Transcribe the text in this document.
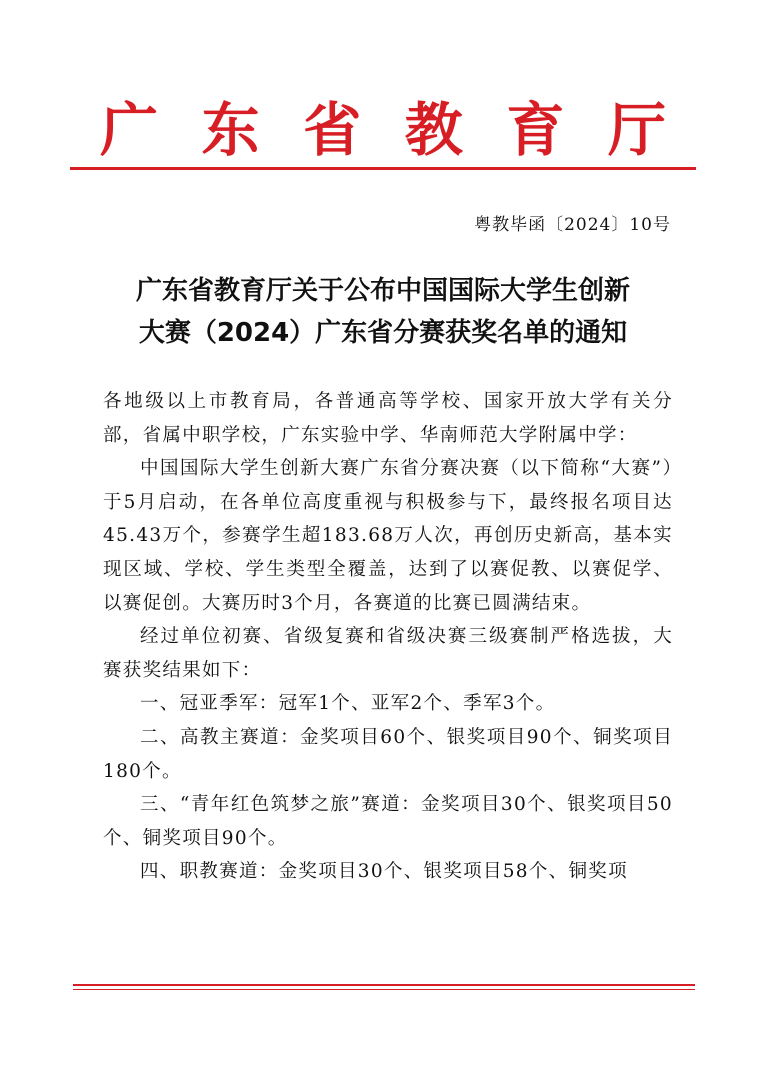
广 东 省 教 育 厅
粤教毕函〔2024〕10号
广东省教育厅关于公布中国国际大学生创新
大赛（2024）广东省分赛获奖名单的通知

各地级以上市教育局，各普通高等学校、国家开放大学有关分部，省属中职学校，广东实验中学、华南师范大学附属中学：

中国国际大学生创新大赛广东省分赛决赛（以下简称“大赛”）于5月启动，在各单位高度重视与积极参与下，最终报名项目达45.43万个，参赛学生超183.68万人次，再创历史新高，基本实现区域、学校、学生类型全覆盖，达到了以赛促教、以赛促学、以赛促创。大赛历时3个月，各赛道的比赛已圆满结束。

经过单位初赛、省级复赛和省级决赛三级赛制严格选拔，大赛获奖结果如下：

一、冠亚季军：冠军1个、亚军2个、季军3个。

二、高教主赛道：金奖项目60个、银奖项目90个、铜奖项目180个。

三、“青年红色筑梦之旅”赛道：金奖项目30个、银奖项目50个、铜奖项目90个。

四、职教赛道：金奖项目30个、银奖项目58个、铜奖项
